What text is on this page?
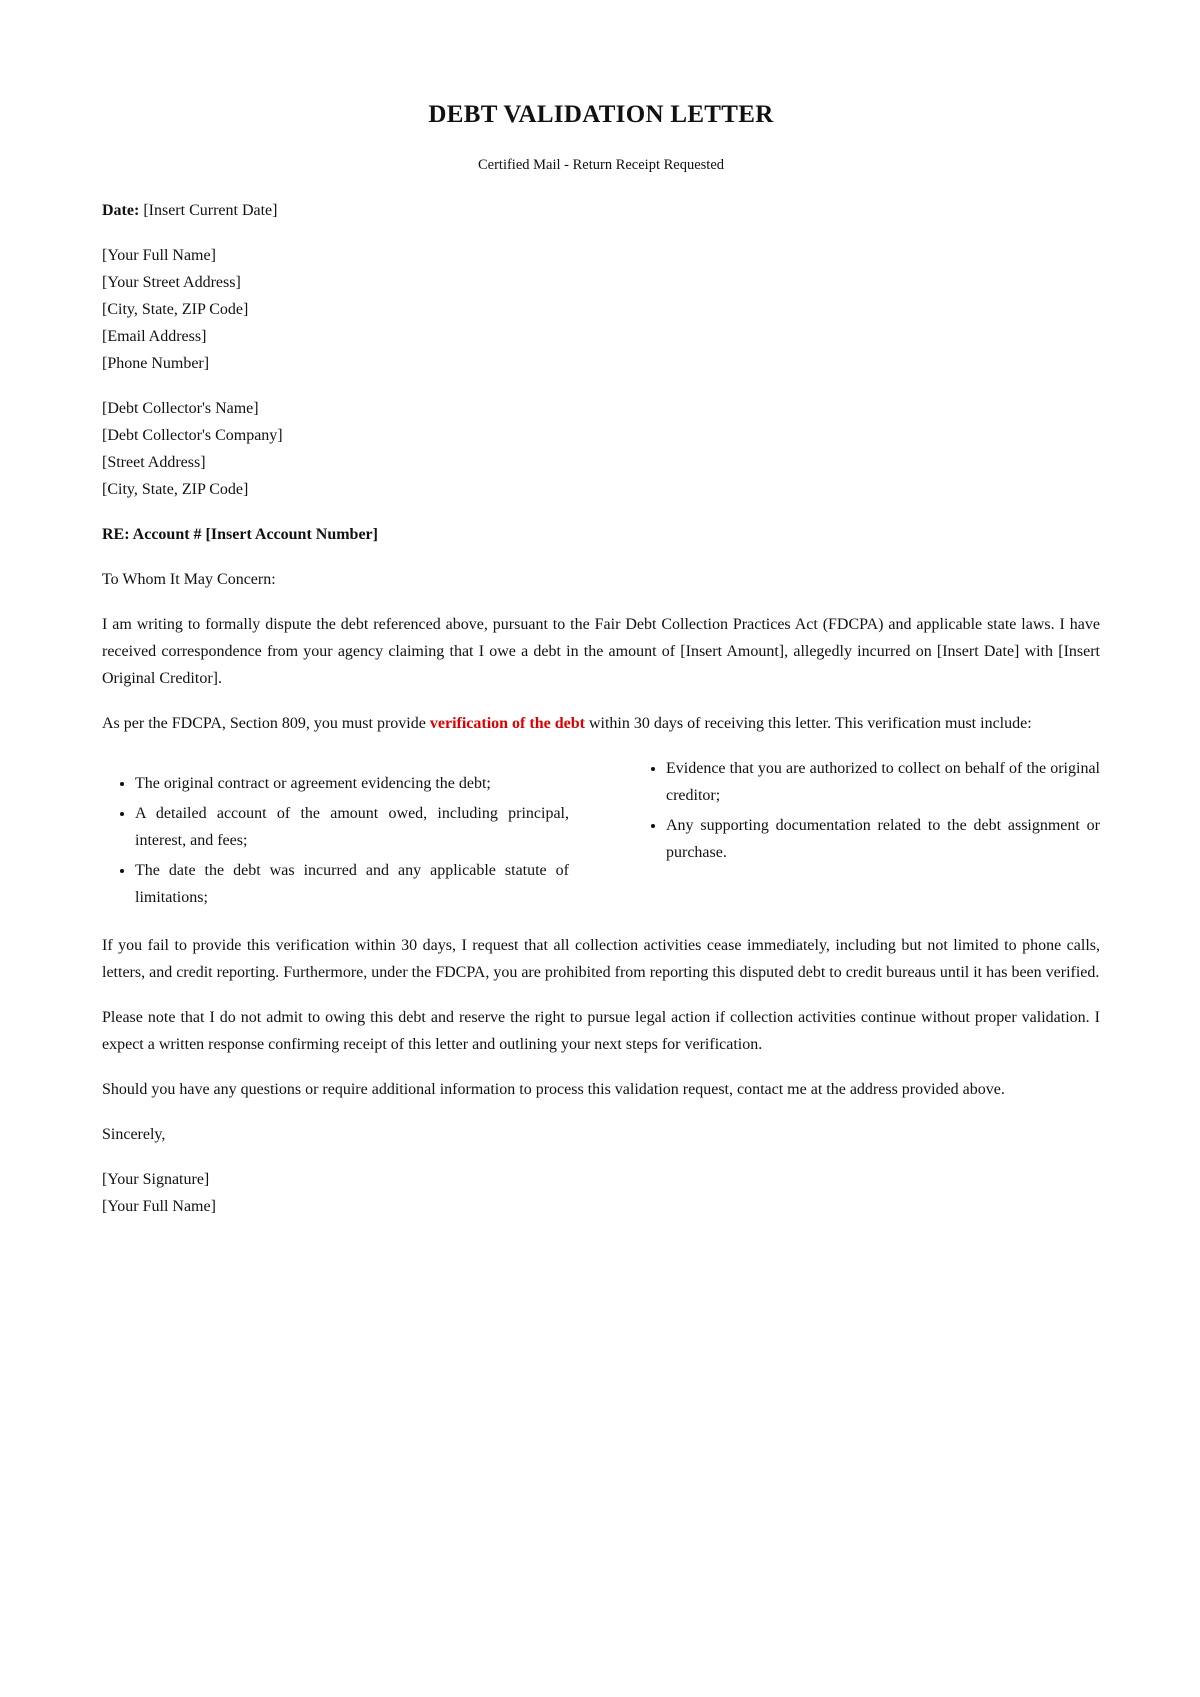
DEBT VALIDATION LETTER
Certified Mail - Return Receipt Requested
Date: [Insert Current Date]
[Your Full Name]
[Your Street Address]
[City, State, ZIP Code]
[Email Address]
[Phone Number]
[Debt Collector's Name]
[Debt Collector's Company]
[Street Address]
[City, State, ZIP Code]
RE: Account # [Insert Account Number]
To Whom It May Concern:

I am writing to formally dispute the debt referenced above, pursuant to the Fair Debt Collection Practices Act (FDCPA) and applicable state laws. I have received correspondence from your agency claiming that I owe a debt in the amount of [Insert Amount], allegedly incurred on [Insert Date] with [Insert Original Creditor].

As per the FDCPA, Section 809, you must provide verification of the debt within 30 days of receiving this letter. This verification must include:

• The original contract or agreement evidencing the debt;
• A detailed account of the amount owed, including principal, interest, and fees;
• The date the debt was incurred and any applicable statute of limitations;
• Evidence that you are authorized to collect on behalf of the original creditor;
• Any supporting documentation related to the debt assignment or purchase.

If you fail to provide this verification within 30 days, I request that all collection activities cease immediately, including but not limited to phone calls, letters, and credit reporting. Furthermore, under the FDCPA, you are prohibited from reporting this disputed debt to credit bureaus until it has been verified.

Please note that I do not admit to owing this debt and reserve the right to pursue legal action if collection activities continue without proper validation. I expect a written response confirming receipt of this letter and outlining your next steps for verification.

Should you have any questions or require additional information to process this validation request, contact me at the address provided above.

Sincerely,
[Your Signature]
[Your Full Name]
